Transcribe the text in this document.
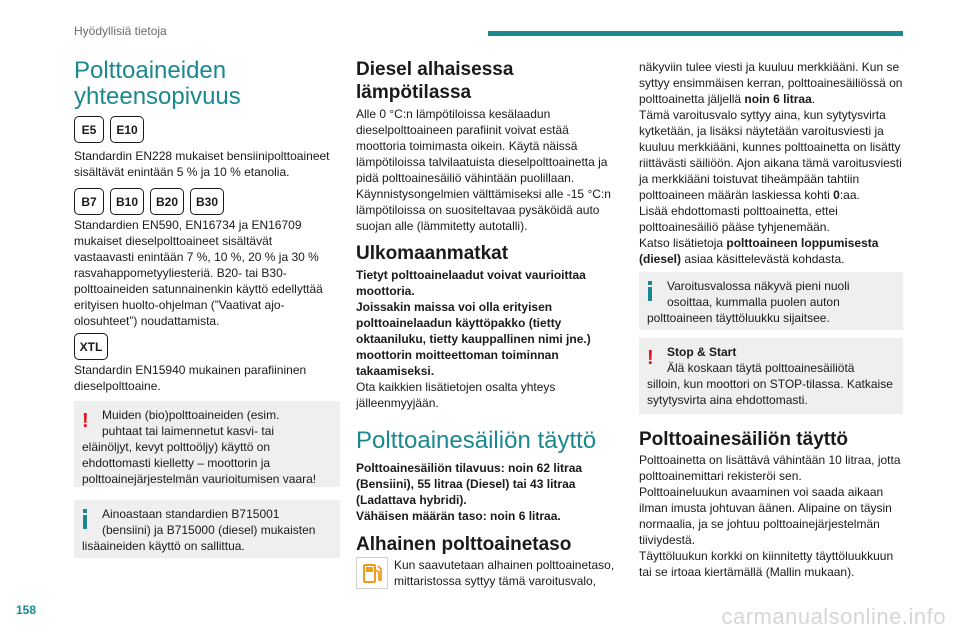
Hyödyllisiä tietoja
158	carmanualsonline.info
Polttoaineiden
yhteensopivuus
E5	E10

Standardin EN228 mukaiset bensiinipolttoaineet sisältävät enintään 5 % ja 10 % etanolia.

B7	B10	B20	B30

Standardien EN590, EN16734 ja EN16709 mukaiset dieselpolttoaineet sisältävät vastaavasti enintään 7 %, 10 %, 20 % ja 30 % rasvahappometyyliesteriä. B20- tai B30-polttoaineiden satunnainenkin käyttö edellyttää erityisen huolto-ohjelman (”Vaativat ajo-olosuhteet”) noudattamista.

XTL

Standardin EN15940 mukainen parafiininen dieselpolttoaine.

!	Muiden (bio)polttoaineiden (esim.

puhtaat tai laimennetut kasvi- tai

eläinöljyt, kevyt polttoöljy) käyttö on ehdottomasti kielletty – moottorin ja polttoainejärjestelmän vaurioitumisen vaara!

Ainoastaan standardien B715001

(bensiini) ja B715000 (diesel) mukaisten

lisäaineiden käyttö on sallittua.

Diesel alhaisessa
lämpötilassa

Alle 0 °C:n lämpötiloissa kesälaadun dieselpolttoaineen parafiinit voivat estää moottoria toimimasta oikein. Käytä näissä lämpötiloissa talvilaatuista dieselpolttoainetta ja pidä polttoainesäiliö vähintään puolillaan.

Käynnistysongelmien välttämiseksi alle -15 °C:n lämpötiloissa on suositeltavaa pysäköidä auto suojan alle (lämmitetty autotalli).

Ulkomaanmatkat

Tietyt polttoainelaadut voivat vaurioittaa moottoria.

Joissakin maissa voi olla erityisen polttoainelaadun käyttöpakko (tietty oktaaniluku, tietty kauppallinen nimi jne.) moottorin moitteettoman toiminnan takaamiseksi.

Ota kaikkien lisätietojen osalta yhteys jälleenmyyjään.

Polttoainesäiliön täyttö

Polttoainesäiliön tilavuus: noin 62 litraa (Bensiini), 55 litraa (Diesel) tai 43 litraa (Ladattava hybridi).

Vähäisen määrän taso: noin 6 litraa.

Alhainen polttoainetaso

Kun saavutetaan alhainen polttoainetaso,

mittaristossa syttyy tämä varoitusvalo,

näkyviin tulee viesti ja kuuluu merkkiääni. Kun se syttyy ensimmäisen kerran, polttoainesäiliössä on polttoainetta jäljellä noin 6 litraa.

Tämä varoitusvalo syttyy aina, kun sytytysvirta kytketään, ja lisäksi näytetään varoitusviesti ja kuuluu merkkiääni, kunnes polttoainetta on lisätty riittävästi säiliöön. Ajon aikana tämä varoitusviesti ja merkkiääni toistuvat tiheämpään tahtiin polttoaineen määrän laskiessa kohti 0:aa.

Lisää ehdottomasti polttoainetta, ettei polttoainesäiliö pääse tyhjenemään.

Katso lisätietoja polttoaineen loppumisesta (diesel) asiaa käsittelevästä kohdasta.

Varoitusvalossa näkyvä pieni nuoli

osoittaa, kummalla puolen auton

polttoaineen täyttöluukku sijaitsee.

!	Stop & Start

Älä koskaan täytä polttoainesäiliötä

silloin, kun moottori on STOP-tilassa. Katkaise sytytysvirta aina ehdottomasti.

Polttoainesäiliön täyttö

Polttoainetta on lisättävä vähintään 10 litraa, jotta polttoainemittari rekisteröi sen.

Polttoaineluukun avaaminen voi saada aikaan ilman imusta johtuvan äänen. Alipaine on täysin normaalia, ja se johtuu polttoainejärjestelmän tiiviydestä.

Täyttöluukun korkki on kiinnitetty täyttöluukkuun tai se irtoaa kiertämällä (Mallin mukaan).
